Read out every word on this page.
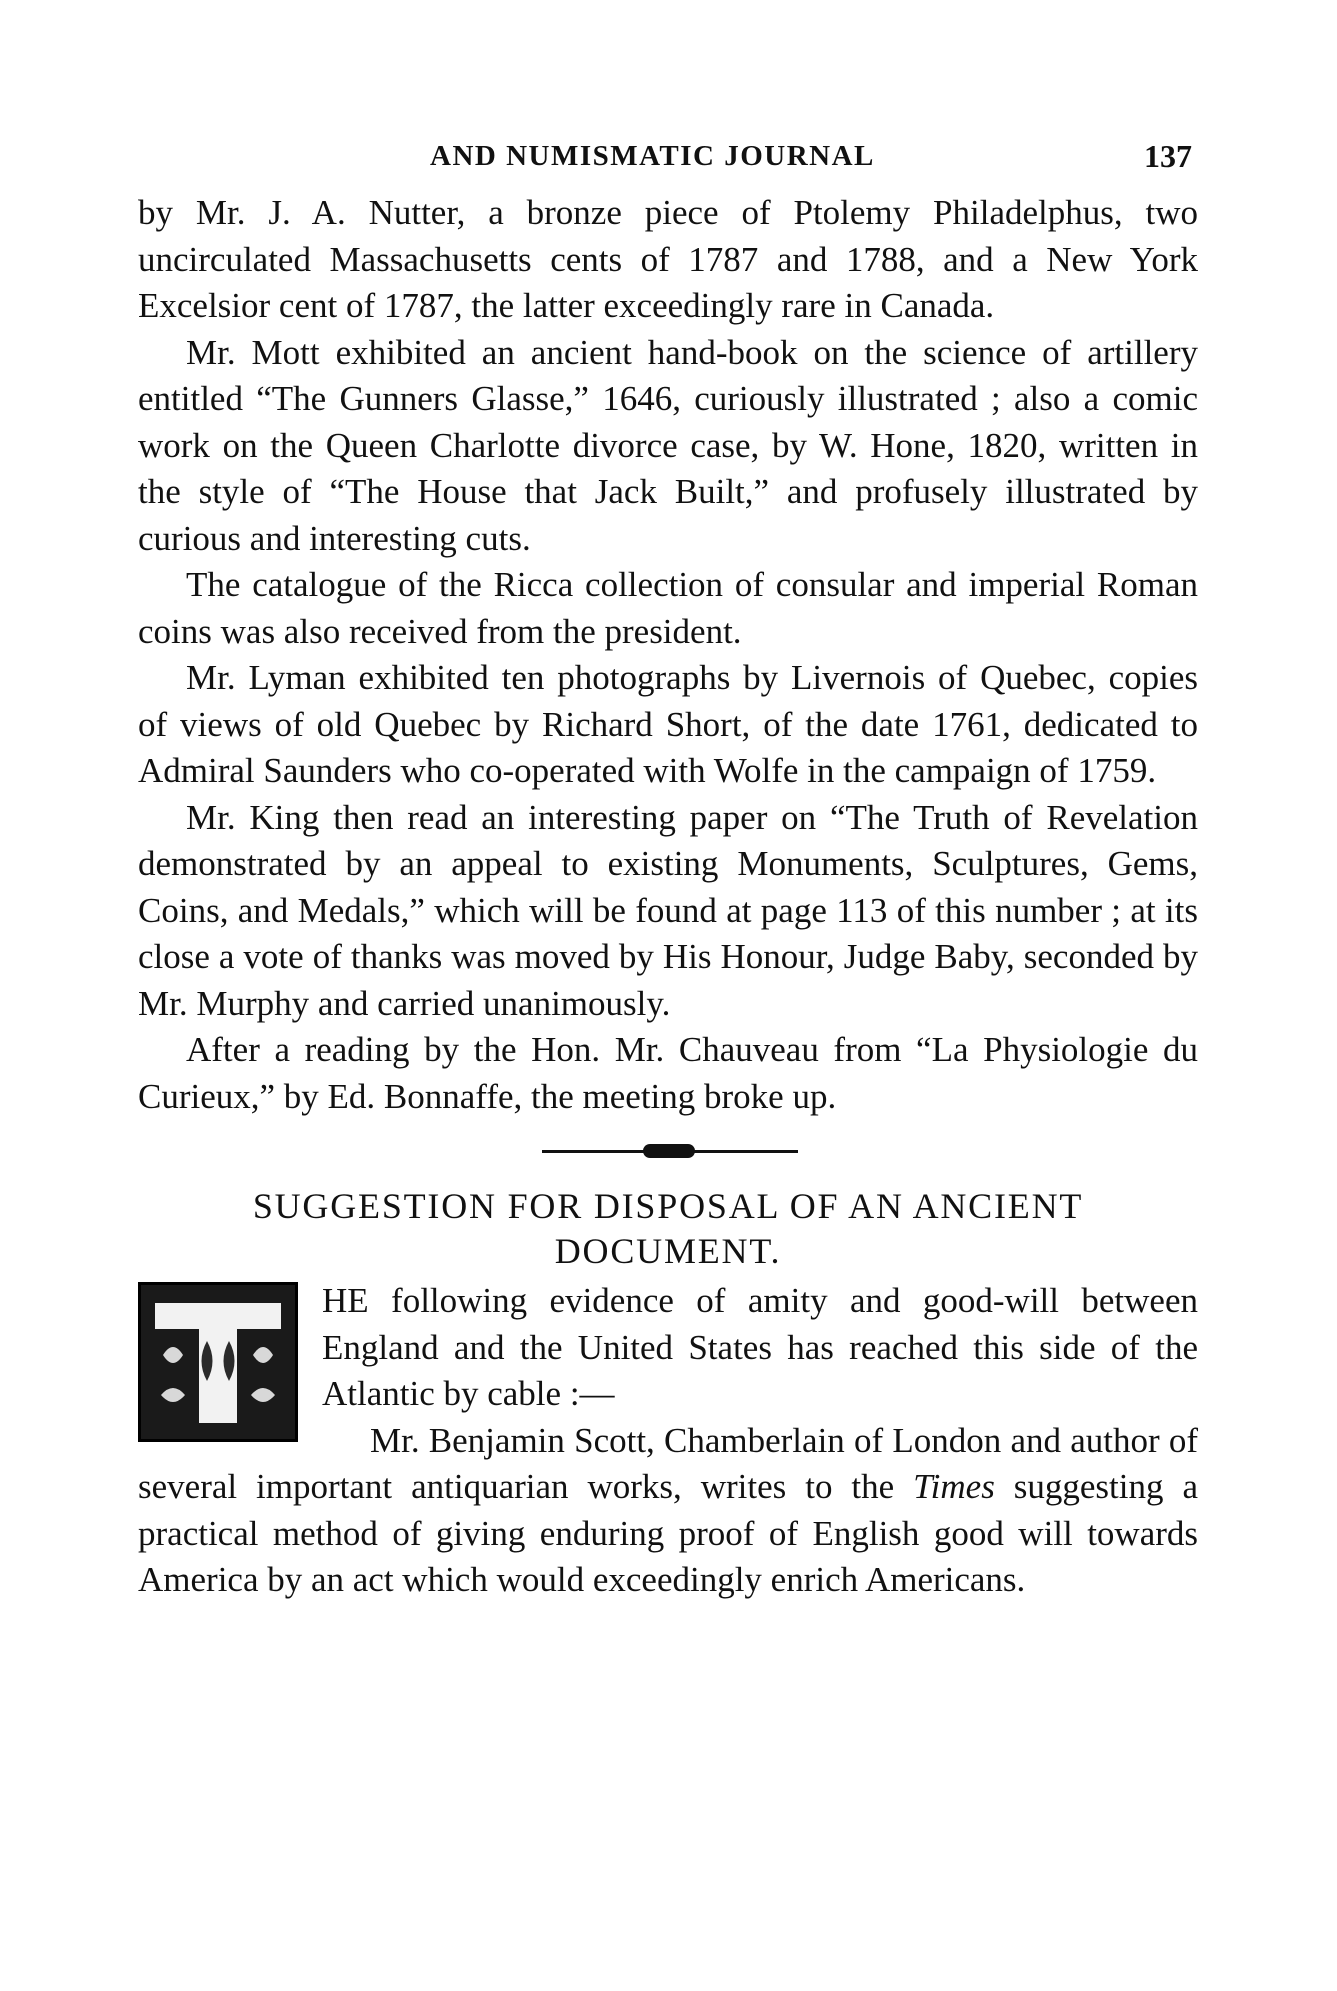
AND NUMISMATIC JOURNAL	137

by Mr. J. A. Nutter, a bronze piece of Ptolemy Philadelphus, two uncirculated Massachusetts cents of 1787 and 1788, and a New York Excelsior cent of 1787, the latter exceedingly rare in Canada.

Mr. Mott exhibited an ancient hand-book on the science of artillery entitled “The Gunners Glasse,” 1646, curiously illustrated ; also a comic work on the Queen Charlotte divorce case, by W. Hone, 1820, written in the style of “The House that Jack Built,” and profusely illustrated by curious and interesting cuts.

The catalogue of the Ricca collection of consular and imperial Roman coins was also received from the president.

Mr. Lyman exhibited ten photographs by Livernois of Quebec, copies of views of old Quebec by Richard Short, of the date 1761, dedicated to Admiral Saunders who co-operated with Wolfe in the campaign of 1759.

Mr. King then read an interesting paper on “The Truth of Revelation demonstrated by an appeal to existing Monuments, Sculptures, Gems, Coins, and Medals,” which will be found at page 113 of this number ; at its close a vote of thanks was moved by His Honour, Judge Baby, seconded by Mr. Murphy and carried unanimously.

After a reading by the Hon. Mr. Chauveau from “La Physiologie du Curieux,” by Ed. Bonnaffe, the meeting broke up.

SUGGESTION FOR DISPOSAL OF AN ANCIENT
DOCUMENT.

HE following evidence of amity and good-will between England and the United States has reached this side of the Atlantic by cable :—

Mr. Benjamin Scott, Chamberlain of London and author of several important antiquarian works, writes to the Times suggesting a practical method of giving enduring proof of English good will towards America by an act which would exceedingly enrich Americans.
